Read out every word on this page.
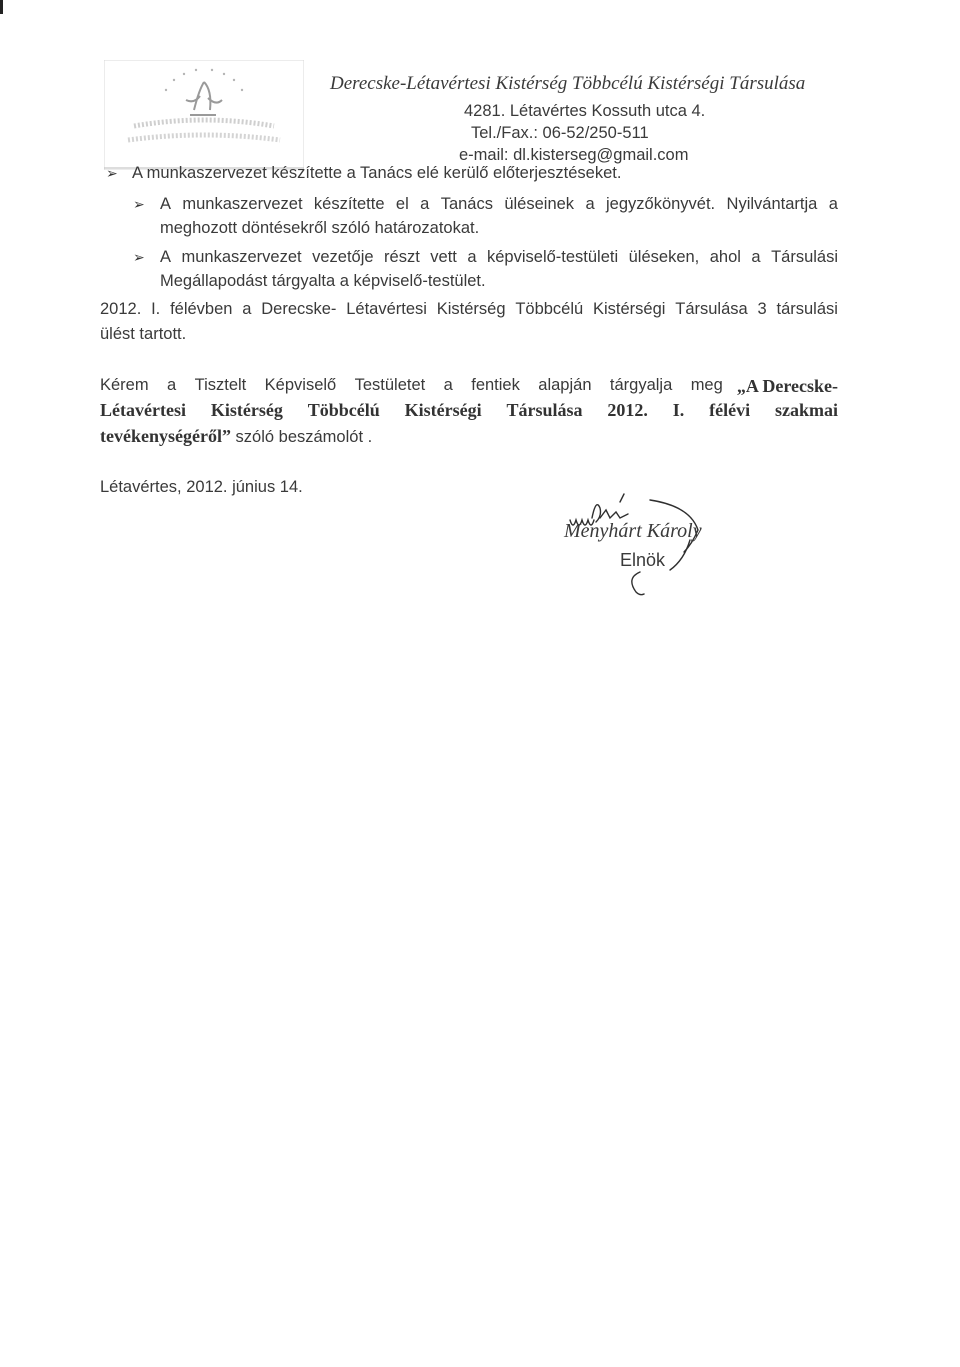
Derecske-Létavértesi Kistérség Többcélú Kistérségi Társulása
4281. Létavértes Kossuth utca 4.
Tel./Fax.: 06-52/250-511
e-mail: dl.kisterseg@gmail.com
➢ A munkaszervezet készítette a Tanács elé kerülő előterjesztéseket.
➢ A munkaszervezet készítette el a Tanács üléseinek a jegyzőkönyvét. Nyilvántartja a
meghozott döntésekről szóló határozatokat.
➢ A munkaszervezet vezetője részt vett a képviselő-testületi üléseken, ahol a Társulási
Megállapodást tárgyalta a képviselő-testület.
2012. I. félévben a Derecske- Létavértesi Kistérség Többcélú Kistérségi Társulása 3 társulási
ülést tartott.
Kérem a Tisztelt Képviselő Testületet a fentiek alapján tárgyalja meg „A Derecske-
Létavértesi Kistérség Többcélú Kistérségi Társulása 2012. I. félévi szakmai
tevékenységéről” szóló beszámolót .
Létavértes, 2012. június 14.
Menyhárt Károly
Elnök
